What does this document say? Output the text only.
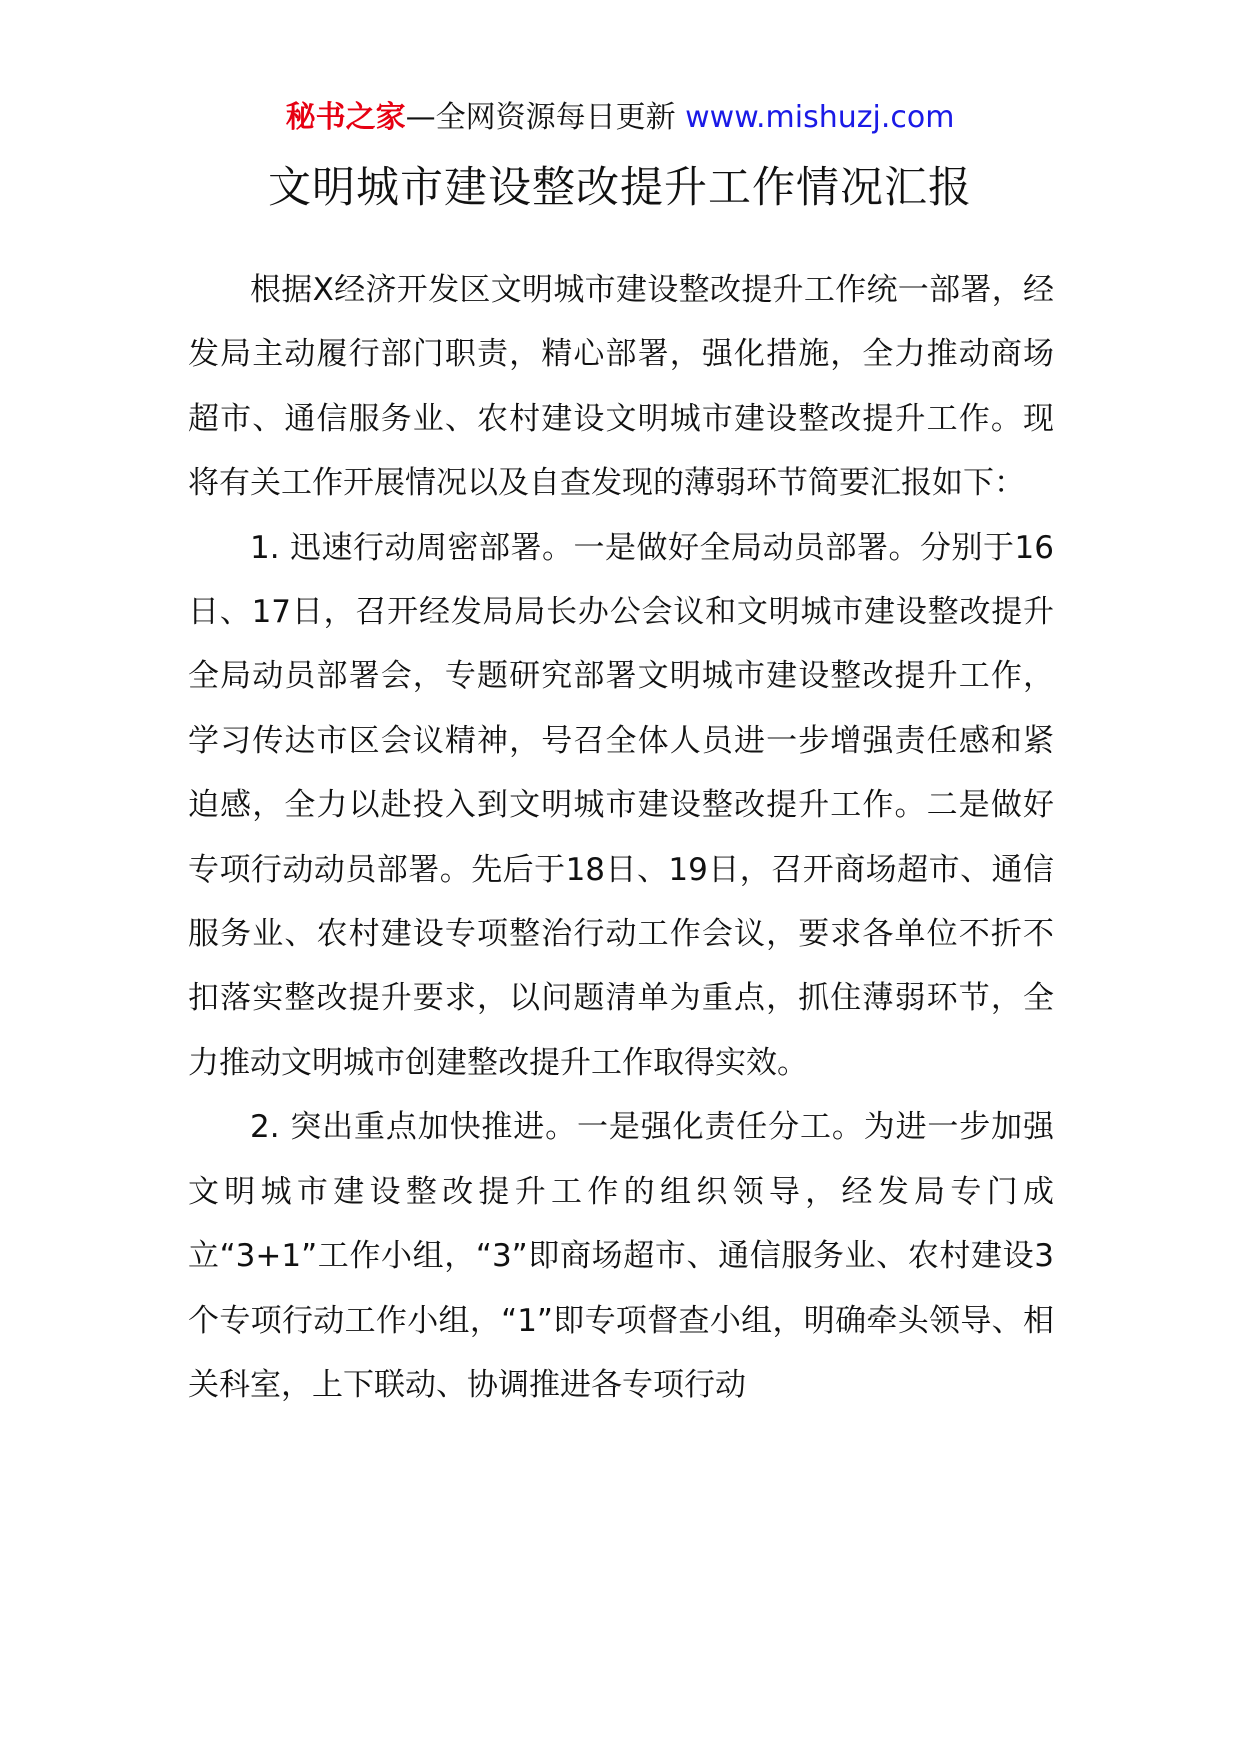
秘书之家—全网资源每日更新 www.mishuzj.com
文明城市建设整改提升工作情况汇报

根据X经济开发区文明城市建设整改提升工作统一部署，经发局主动履行部门职责，精心部署，强化措施，全力推动商场超市、通信服务业、农村建设文明城市建设整改提升工作。现将有关工作开展情况以及自查发现的薄弱环节简要汇报如下：

1. 迅速行动周密部署。一是做好全局动员部署。分别于16日、17日，召开经发局局长办公会议和文明城市建设整改提升全局动员部署会，专题研究部署文明城市建设整改提升工作，学习传达市区会议精神，号召全体人员进一步增强责任感和紧迫感，全力以赴投入到文明城市建设整改提升工作。二是做好专项行动动员部署。先后于18日、19日，召开商场超市、通信服务业、农村建设专项整治行动工作会议，要求各单位不折不扣落实整改提升要求，以问题清单为重点，抓住薄弱环节，全力推动文明城市创建整改提升工作取得实效。

2. 突出重点加快推进。一是强化责任分工。为进一步加强文明城市建设整改提升工作的组织领导，经发局专门成立“3+1”工作小组，“3”即商场超市、通信服务业、农村建设3个专项行动工作小组，“1”即专项督查小组，明确牵头领导、相关科室，上下联动、协调推进各专项行动
